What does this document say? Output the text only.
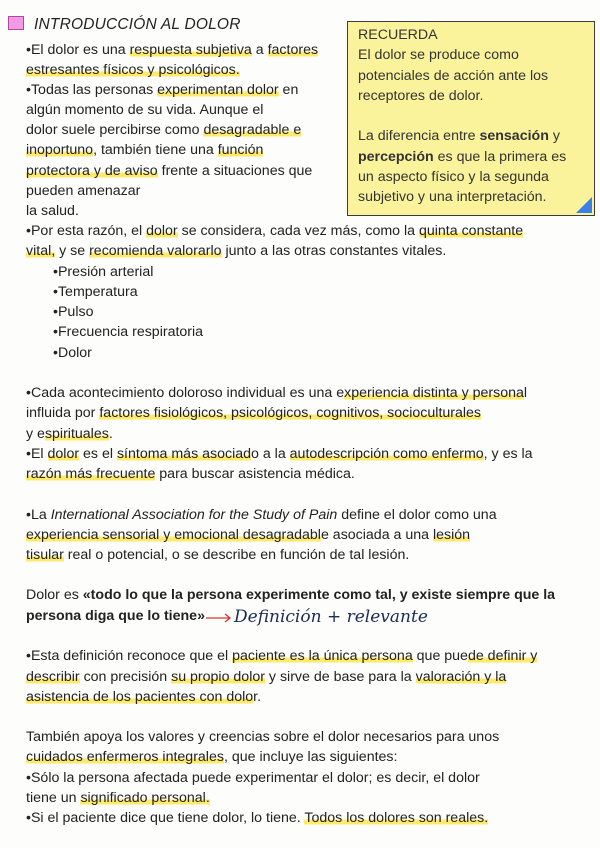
INTRODUCCIÓN AL DOLOR

RECUERDA

El dolor se produce como

potenciales de acción ante los

receptores de dolor.

La diferencia entre sensación y

percepción es que la primera es

un aspecto físico y la segunda

subjetivo y una interpretación.

•El dolor es una respuesta subjetiva a factores
estresantes físicos y psicológicos.
•Todas las personas experimentan dolor en
algún momento de su vida. Aunque el
dolor suele percibirse como desagradable e
inoportuno, también tiene una función
protectora y de aviso frente a situaciones que
pueden amenazar
la salud.
•Por esta razón, el dolor se considera, cada vez más, como la quinta constante
vital, y se recomienda valorarlo junto a las otras constantes vitales.
•Presión arterial
•Temperatura
•Pulso
•Frecuencia respiratoria
•Dolor
•Cada acontecimiento doloroso individual es una experiencia distinta y personal
influida por factores fisiológicos, psicológicos, cognitivos, socioculturales
y espirituales.
•El dolor es el síntoma más asociado a la autodescripción como enfermo, y es la
razón más frecuente para buscar asistencia médica.
•La International Association for the Study of Pain define el dolor como una
experiencia sensorial y emocional desagradable asociada a una lesión
tisular real o potencial, o se describe en función de tal lesión.
Dolor es «todo lo que la persona experimente como tal, y existe siempre que la
persona diga que lo tiene» Definición + relevante
•Esta definición reconoce que el paciente es la única persona que puede definir y
describir con precisión su propio dolor y sirve de base para la valoración y la
asistencia de los pacientes con dolor.
También apoya los valores y creencias sobre el dolor necesarios para unos
cuidados enfermeros integrales, que incluye las siguientes:
•Sólo la persona afectada puede experimentar el dolor; es decir, el dolor
tiene un significado personal.
•Si el paciente dice que tiene dolor, lo tiene. Todos los dolores son reales.
